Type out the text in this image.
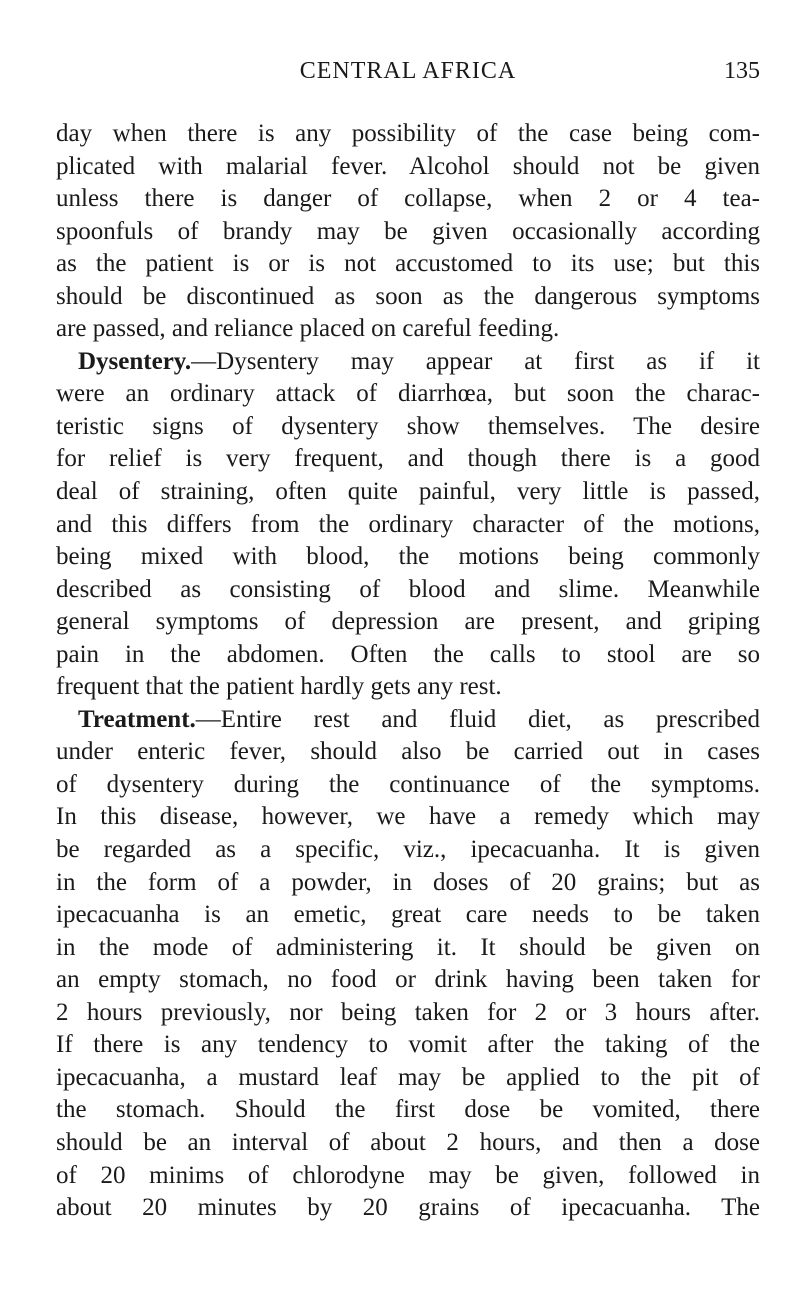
CENTRAL AFRICA	135
day when there is any possibility of the case being com-
plicated with malarial fever. Alcohol should not be given
unless there is danger of collapse, when 2 or 4 tea-
spoonfuls of brandy may be given occasionally according
as the patient is or is not accustomed to its use; but this
should be discontinued as soon as the dangerous symptoms
are passed, and reliance placed on careful feeding.
Dysentery.—Dysentery may appear at first as if it
were an ordinary attack of diarrhœa, but soon the charac-
teristic signs of dysentery show themselves. The desire
for relief is very frequent, and though there is a good
deal of straining, often quite painful, very little is passed,
and this differs from the ordinary character of the motions,
being mixed with blood, the motions being commonly
described as consisting of blood and slime. Meanwhile
general symptoms of depression are present, and griping
pain in the abdomen. Often the calls to stool are so
frequent that the patient hardly gets any rest.
Treatment.—Entire rest and fluid diet, as prescribed
under enteric fever, should also be carried out in cases
of dysentery during the continuance of the symptoms.
In this disease, however, we have a remedy which may
be regarded as a specific, viz., ipecacuanha. It is given
in the form of a powder, in doses of 20 grains; but as
ipecacuanha is an emetic, great care needs to be taken
in the mode of administering it. It should be given on
an empty stomach, no food or drink having been taken for
2 hours previously, nor being taken for 2 or 3 hours after.
If there is any tendency to vomit after the taking of the
ipecacuanha, a mustard leaf may be applied to the pit of
the stomach. Should the first dose be vomited, there
should be an interval of about 2 hours, and then a dose
of 20 minims of chlorodyne may be given, followed in
about 20 minutes by 20 grains of ipecacuanha. The
